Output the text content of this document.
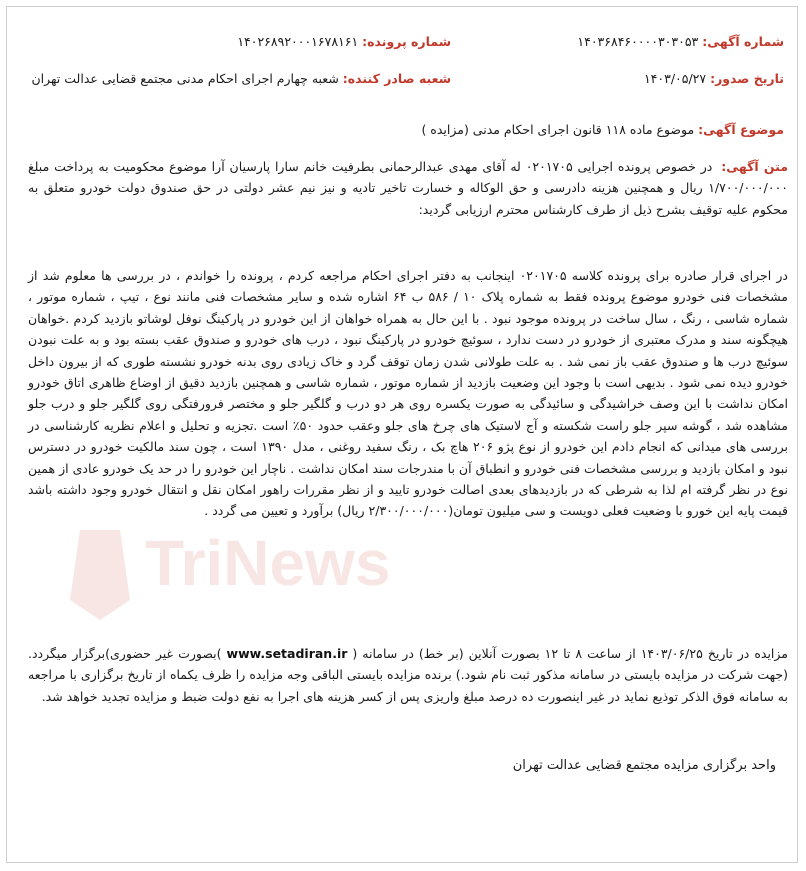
TriNews
شماره آگهی: ۱۴۰۳۶۸۴۶۰۰۰۰۳۰۳۰۵۳
شماره پرونده: ۱۴۰۲۶۸۹۲۰۰۰۱۶۷۸۱۶۱
تاریخ صدور: ۱۴۰۳/۰۵/۲۷
شعبه صادر کننده: شعبه چهارم اجرای احکام مدنی مجتمع قضایی عدالت تهران
موضوع آگهی: موضوع ماده ۱۱۸ قانون اجرای احکام مدنی (مزایده )
متن آگهی: در خصوص پرونده اجرایی ۰۲۰۱۷۰۵ له آقای مهدی عبدالرحمانی بطرفیت خانم سارا پارسیان آرا موضوع محکومیت به پرداخت مبلغ ۱/۷۰۰/۰۰۰/۰۰۰ ریال و همچنین هزینه دادرسی و حق الوکاله و خسارت تاخیر تادیه و نیز نیم عشر دولتی در حق صندوق دولت خودرو متعلق به محکوم علیه توقیف بشرح ذیل از طرف کارشناس محترم ارزیابی گردید:
در اجرای قرار صادره برای پرونده کلاسه ۰۲۰۱۷۰۵ اینجانب به دفتر اجرای احکام مراجعه کردم ، پرونده را خواندم ، در بررسی ها معلوم شد از مشخصات فنی خودرو موضوع پرونده فقط به شماره پلاک ۱۰ / ۵۸۶ ب ۶۴ اشاره شده و سایر مشخصات فنی مانند نوع ، تیپ ، شماره موتور ، شماره شاسی ، رنگ ، سال ساخت در پرونده موجود نبود . با این حال به همراه خواهان از این خودرو در پارکینگ نوفل لوشاتو بازدید کردم .خواهان هیچگونه سند و مدرک معتبری از خودرو در دست ندارد ، سوئیچ خودرو در پارکینگ نبود ، درب های خودرو و صندوق عقب بسته بود و به علت نبودن سوئیچ درب ها و صندوق عقب باز نمی شد . به علت طولانی شدن زمان توقف گرد و خاک زیادی روی بدنه خودرو نشسته طوری که از بیرون داخل خودرو دیده نمی شود . بدیهی است با وجود این وضعیت بازدید از شماره موتور ، شماره شاسی و همچنین بازدید دقیق از اوضاع ظاهری اتاق خودرو امکان نداشت با این وصف خراشیدگی و سائیدگی به صورت یکسره روی هر دو درب و گلگیر جلو و مختصر فرورفتگی روی گلگیر جلو و درب جلو مشاهده شد ، گوشه سپر جلو راست شکسته و آج لاستیک های چرخ های جلو وعقب حدود ۵۰٪ است .تجزیه و تحلیل و اعلام نظریه کارشناسی در بررسی های میدانی که انجام دادم این خودرو از نوع پژو ۲۰۶ هاچ بک ، رنگ سفید روغنی ، مدل ۱۳۹۰ است ، چون سند مالکیت خودرو در دسترس نبود و امکان بازدید و بررسی مشخصات فنی خودرو و انطباق آن با مندرجات سند امکان نداشت . ناچار این خودرو را در حد یک خودرو عادی از همین نوع در نظر گرفته ام لذا به شرطی که در بازدیدهای بعدی اصالت خودرو تایید و از نظر مقررات راهور امکان نقل و انتقال خودرو وجود داشته باشد قیمت پایه این خورو با وضعیت فعلی دویست و سی میلیون تومان(۲/۳۰۰/۰۰۰/۰۰۰ ریال) برآورد و تعیین می گردد .
مزایده در تاریخ ۱۴۰۳/۰۶/۲۵ از ساعت ۸ تا ۱۲ بصورت آنلاین (بر خط) در سامانه ( www.setadiran.ir )بصورت غیر حضوری)برگزار میگردد. (جهت شرکت در مزایده بایستی در سامانه مذکور ثبت نام شود.) برنده مزایده بایستی الباقی وجه مزایده را ظرف یکماه از تاریخ برگزاری با مراجعه به سامانه فوق الذکر توذیع نماید در غیر اینصورت ده درصد مبلغ واریزی پس از کسر هزینه های اجرا به نفع دولت ضبط و مزایده تجدید خواهد شد.
واحد برگزاری مزایده مجتمع قضایی عدالت تهران
